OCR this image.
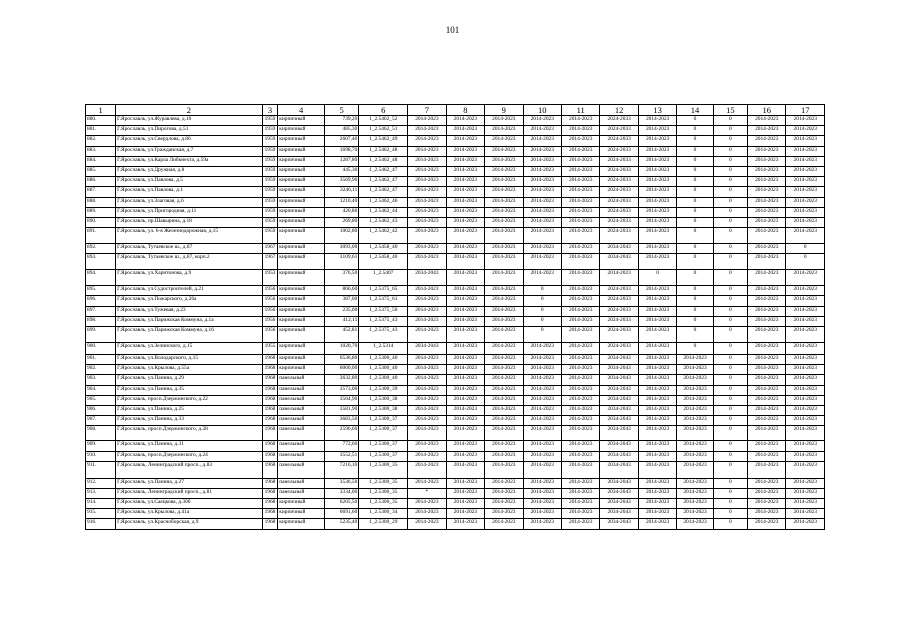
101
1	2	3	4	5	6	7	8	9	10	11	12	13	14	15	16	17
880.	Г.Ярославль, ул.Журавлева, д.10	1959	кирпичный	739,20	1_2.5462_52	2014-2023	2014-2023	2014-2023	2014-2023	2014-2023	2024-2033	2014-2023	0	0	2014-2023	2014-2023
881.	Г.Ярославль, ул.Пирогова, д.51	1959	кирпичный	485,30	1_2.5462_51	2014-2023	2014-2023	2014-2023	2014-2023	2014-2023	2024-2033	2014-2023	0	0	2014-2023	2014-2023
882.	Г.Ярославль, ул.Свердлова, д.86	1959	кирпичный	2607,40	1_2.5462_49	2014-2023	2014-2023	2014-2023	2014-2023	2014-2023	2024-2033	2014-2023	0	0	2014-2023	2014-2023
883.	Г.Ярославль, ул.Гражданская, д.7	1959	кирпичный	1698,70	1_2.5462_48	2014-2023	2014-2023	2014-2023	2014-2023	2014-2023	2024-2033	2014-2023	0	0	2014-2023	2014-2023
884.	Г.Ярославль, ул.Карла Либкнехта, д.59а	1959	кирпичный	1287,80	1_2.5462_48	2014-2023	2014-2023	2014-2023	2014-2023	2014-2023	2024-2033	2014-2023	0	0	2014-2023	2014-2023
885.	Г.Ярославль, ул.Дружная, д.8	1959	кирпичный	445,30	1_2.5462_47	2014-2023	2014-2023	2014-2023	2014-2023	2014-2023	2024-2033	2014-2023	0	0	2014-2023	2014-2023
886.	Г.Ярославль, ул.Павлова, д.5	1959	кирпичный	3569,90	1_2.5462_47	2014-2023	2014-2023	2014-2023	2014-2023	2014-2023	2024-2033	2014-2023	0	0	2014-2023	2014-2023
887.	Г.Ярославль, ул.Павлова, д.1	1959	кирпичный	3246,11	1_2.5462_47	2014-2023	2014-2023	2014-2023	2014-2023	2014-2023	2024-2033	2014-2023	0	0	2014-2023	2014-2023
888.	Г.Ярославль, ул.Злаговая, д.6	1959	кирпичный	1210,40	1_2.5462_46	2014-2023	2014-2023	2014-2023	2014-2023	2014-2023	2024-2033	2014-2023	0	0	2014-2023	2014-2023
889.	Г.Ярославль, ул.Пригородная, д.11	1959	кирпичный	420,80	1_2.5462_44	2014-2023	2014-2023	2014-2023	2014-2023	2014-2023	2024-2033	2014-2023	0	0	2014-2023	2014-2023
890.	Г.Ярославль, пр.Шавырина, д.18	1959	кирпичный	269,80	1_2.5462_43	2014-2023	2014-2023	2014-2023	2014-2023	2014-2023	2024-2033	2014-2023	0	0	2014-2023	2014-2023
891.	Г.Ярославль, ул. 6-я Железнодорожная, д.15	1959	кирпичный	1002,80	1_2.5462_42	2014-2023	2014-2023	2014-2023	2014-2023	2014-2023	2024-2033	2014-2023	0	0	2014-2023	2014-2023
892.	Г.Ярославль, Тутаевское ш., д.87	1967	кирпичный	3093,00	1_2.5458_40	2014-2023	2014-2023	2014-2023	2014-2023	2014-2023	2034-2043	2014-2023	0	0	2014-2023	0
893.	Г.Ярославль, Тутаевское ш., д.87, корп.2	1967	кирпичный	3109,61	1_2.5458_40	2014-2023	2014-2023	2014-2023	2014-2023	2014-2023	2034-2043	2014-2023	0	0	2014-2023	0
894.	Г.Ярославль, ул.Харитонова, д.9	1953	кирпичный	376,50	1_2.5407	2034-2043	2014-2023	2014-2023	2014-2023	2014-2023	2014-2023	0	0	0	2014-2023	2014-2023
895.	Г.Ярославль, ул.Судостроителей, д.21	1956	кирпичный	866,60	1_2.5375_65	2014-2023	2014-2023	2014-2023	0	2014-2023	2024-2033	2014-2023	0	0	2014-2023	2014-2023
896.	Г.Ярославль, ул.Пожарского, д.26а	1956	кирпичный	387,00	1_2.5375_61	2014-2023	2014-2023	2014-2023	0	2014-2023	2024-2033	2014-2023	0	0	2014-2023	2014-2023
897.	Г.Ярославль, ул.Тужевая, д.23	1956	кирпичный	235,00	1_2.5375_50	2014-2023	2014-2023	2014-2023	0	2014-2023	2024-2033	2014-2023	0	0	2014-2023	2014-2023
898.	Г.Ярославль, ул.Парижская Коммуна, д.1а	1956	кирпичный	412,11	1_2.5375_43	2014-2023	2014-2023	2014-2023	0	2014-2023	2024-2033	2014-2023	0	0	2014-2023	2014-2023
899.	Г.Ярославль, ул.Парижская Коммуна, д.16	1956	кирпичный	452,81	1_2.5375_43	2014-2023	2014-2023	2014-2023	0	2014-2023	2024-2033	2014-2023	0	0	2014-2023	2014-2023
900.	Г.Ярославль, ул.Зелинского, д.15	1955	кирпичный	1020,70	1_2.5314	2034-2043	2014-2023	2014-2023	2014-2023	2014-2023	2024-2033	2014-2023	0	0	2014-2023	2014-2023
901.	Г.Ярославль, ул.Володарского, д.15	1968	кирпичный	6536,80	1_2.5300_40	2014-2023	2014-2023	2014-2023	2014-2023	2014-2023	2034-2043	2014-2023	2014-2023	0	2014-2023	2014-2023
902.	Г.Ярославль, ул.Крылова, д.55а	1968	кирпичный	6060,00	1_2.5300_40	2014-2023	2014-2023	2014-2023	2014-2023	2014-2023	2034-2043	2014-2023	2014-2023	0	2014-2023	2014-2023
903.	Г.Ярославль, ул.Панина, д.29	1968	панельный	3632,80	1_2.5300_40	2014-2023	2014-2023	2014-2023	2014-2023	2014-2023	2034-2043	2014-2023	2014-2023	0	2014-2023	2014-2023
904.	Г.Ярославль, ул.Панина, д.35	1968	панельный	3573,00	1_2.5300_39	2014-2023	2014-2023	2014-2023	2014-2023	2014-2023	2034-2043	2014-2023	2014-2023	0	2014-2023	2014-2023
905.	Г.Ярославль, просп.Дзержинского, д.22	1968	панельный	3564,90	1_2.5300_38	2014-2023	2014-2023	2014-2023	2014-2023	2014-2023	2034-2043	2014-2023	2014-2023	0	2014-2023	2014-2023
906.	Г.Ярославль, ул.Панина, д.25	1968	панельный	3581,90	1_2.5300_38	2014-2023	2014-2023	2014-2023	2014-2023	2014-2023	2034-2043	2014-2023	2014-2023	0	2014-2023	2014-2023
907.	Г.Ярославль, ул.Панина, д.33	1968	панельный	3683,50	1_2.5300_37	2014-2023	2014-2023	2014-2023	2014-2023	2014-2023	2034-2043	2014-2023	2014-2023	0	2014-2023	2014-2023
908.	Г.Ярославль, просп.Дзержинского, д.28	1968	панельный	2596,60	1_2.5300_37	2014-2023	2014-2023	2014-2023	2014-2023	2014-2023	2034-2043	2014-2023	2014-2023	0	2014-2023	2014-2023
909.	Г.Ярославль, ул.Панина, д.31	1968	панельный	772,60	1_2.5300_37	2014-2023	2014-2023	2014-2023	2014-2023	2014-2023	2034-2043	2014-2023	2014-2023	0	2014-2023	2014-2023
910.	Г.Ярославль, просп.Дзержинского, д.24	1968	панельный	3552,51	1_2.5300_37	2014-2023	2014-2023	2014-2023	2014-2023	2014-2023	2034-2043	2014-2023	2014-2023	0	2014-2023	2014-2023
911.	Г.Ярославль, Ленинградский просп., д.83	1968	панельный	7216,10	1_2.5300_35	2014-2023	2014-2023	2014-2023	2014-2023	2014-2023	2034-2043	2014-2023	2014-2023	0	2014-2023	2014-2023
912.	Г.Ярославль, ул.Панина, д.27	1968	панельный	3536,50	1_2.5300_35	2014-2023	2014-2023	2014-2023	2014-2023	2014-2023	2034-2043	2014-2023	2014-2023	0	2014-2023	2014-2023
913.	Г.Ярославль, Ленинградский просп., д.81	1968	панельный	3334,00	1_2.5300_35	*	2014-2023	2014-2023	2014-2023	2014-2023	2034-2043	2014-2023	2014-2023	0	2014-2023	2014-2023
914.	Г.Ярославль, ул.Саецкова, д.30б	1968	кирпичный	6205,50	1_2.5300_35	2014-2023	2014-2023	2014-2023	2014-2023	2014-2023	2034-2043	2014-2023	2014-2023	0	2014-2023	2014-2023
915.	Г.Ярославль, ул.Крылова, д.41а	1968	кирпичный	6691,60	1_2.5300_34	2014-2023	2014-2023	2014-2023	2014-2023	2014-2023	2034-2043	2014-2023	2014-2023	0	2014-2023	2014-2023
916.	Г.Ярославль, ул.Красноборская, д.9	1968	кирпичный	5235,40	1_2.5300_29	2014-2023	2014-2023	2014-2023	2014-2023	2014-2023	2034-2043	2014-2023	2014-2023	0	2014-2023	2014-2023
